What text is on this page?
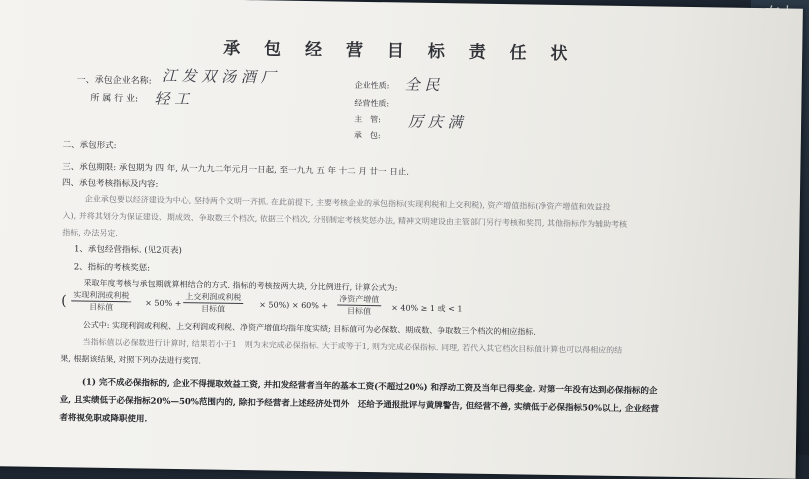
承 包 经 营 目 标 责 任 状
一、承包企业名称: 江 发 双 汤 酒 厂
所 属 行 业: 轻 工
企业性质: 全 民
经营性质:
主　管: 厉 庆 满
承　包:
二、承包形式:
三、承包期限: 承包期为 四 年, 从一九九二年元月一日起, 至一九九 五 年 十二 月 廿一 日止.
四、承包考核指标及内容:
企业承包要以经济建设为中心, 坚持两个文明一齐抓. 在此前提下, 主要考核企业的承包指标(实现利税和上交利税), 资产增值指标(净资产增值和效益投
入), 并将其划分为保证建设、期成效、争取数三个档次, 依据三个档次, 分别制定考核奖惩办法, 精神文明建设由主管部门另行考核和奖罚, 其他指标作为辅助考核
指标, 办法另定.
1、承包经营指标. (见2页表)
2、指标的考核奖惩:
采取年度考核与承包期就算相结合的方式. 指标的考核按两大块, 分比例进行, 计算公式为:
( 实现利润或利税
目标值	× 50% +
上交利润或利税
目标值	× 50%) × 60% +
净资产增值
目标值	× 40% ≥ 1 或 < 1
公式中: 实现利润或利税、上交利润或利税、净资产增值均指年度实绩; 目标值可为必保数、期成数、争取数三个档次的相应指标.
当指标值以必保数进行计算时, 结果若小于1　则为未完成必保指标. 大于或等于1, 则为完成必保指标. 同理, 若代入其它档次目标值计算也可以得相应的结
果, 根据该结果, 对照下列办法进行奖罚.
(1) 完不成必保指标的, 企业不得提取效益工资, 并扣发经营者当年的基本工资(不超过20%) 和浮动工资及当年已得奖金. 对第一年没有达到必保指标的企
业, 且实绩低于必保指标20%—50%范围内的, 除扣予经营者上述经济处罚外　还给予通报批评与黄牌警告, 但经营不善, 实绩低于必保指标50%以上, 企业经营
者将视免职或降职使用.
